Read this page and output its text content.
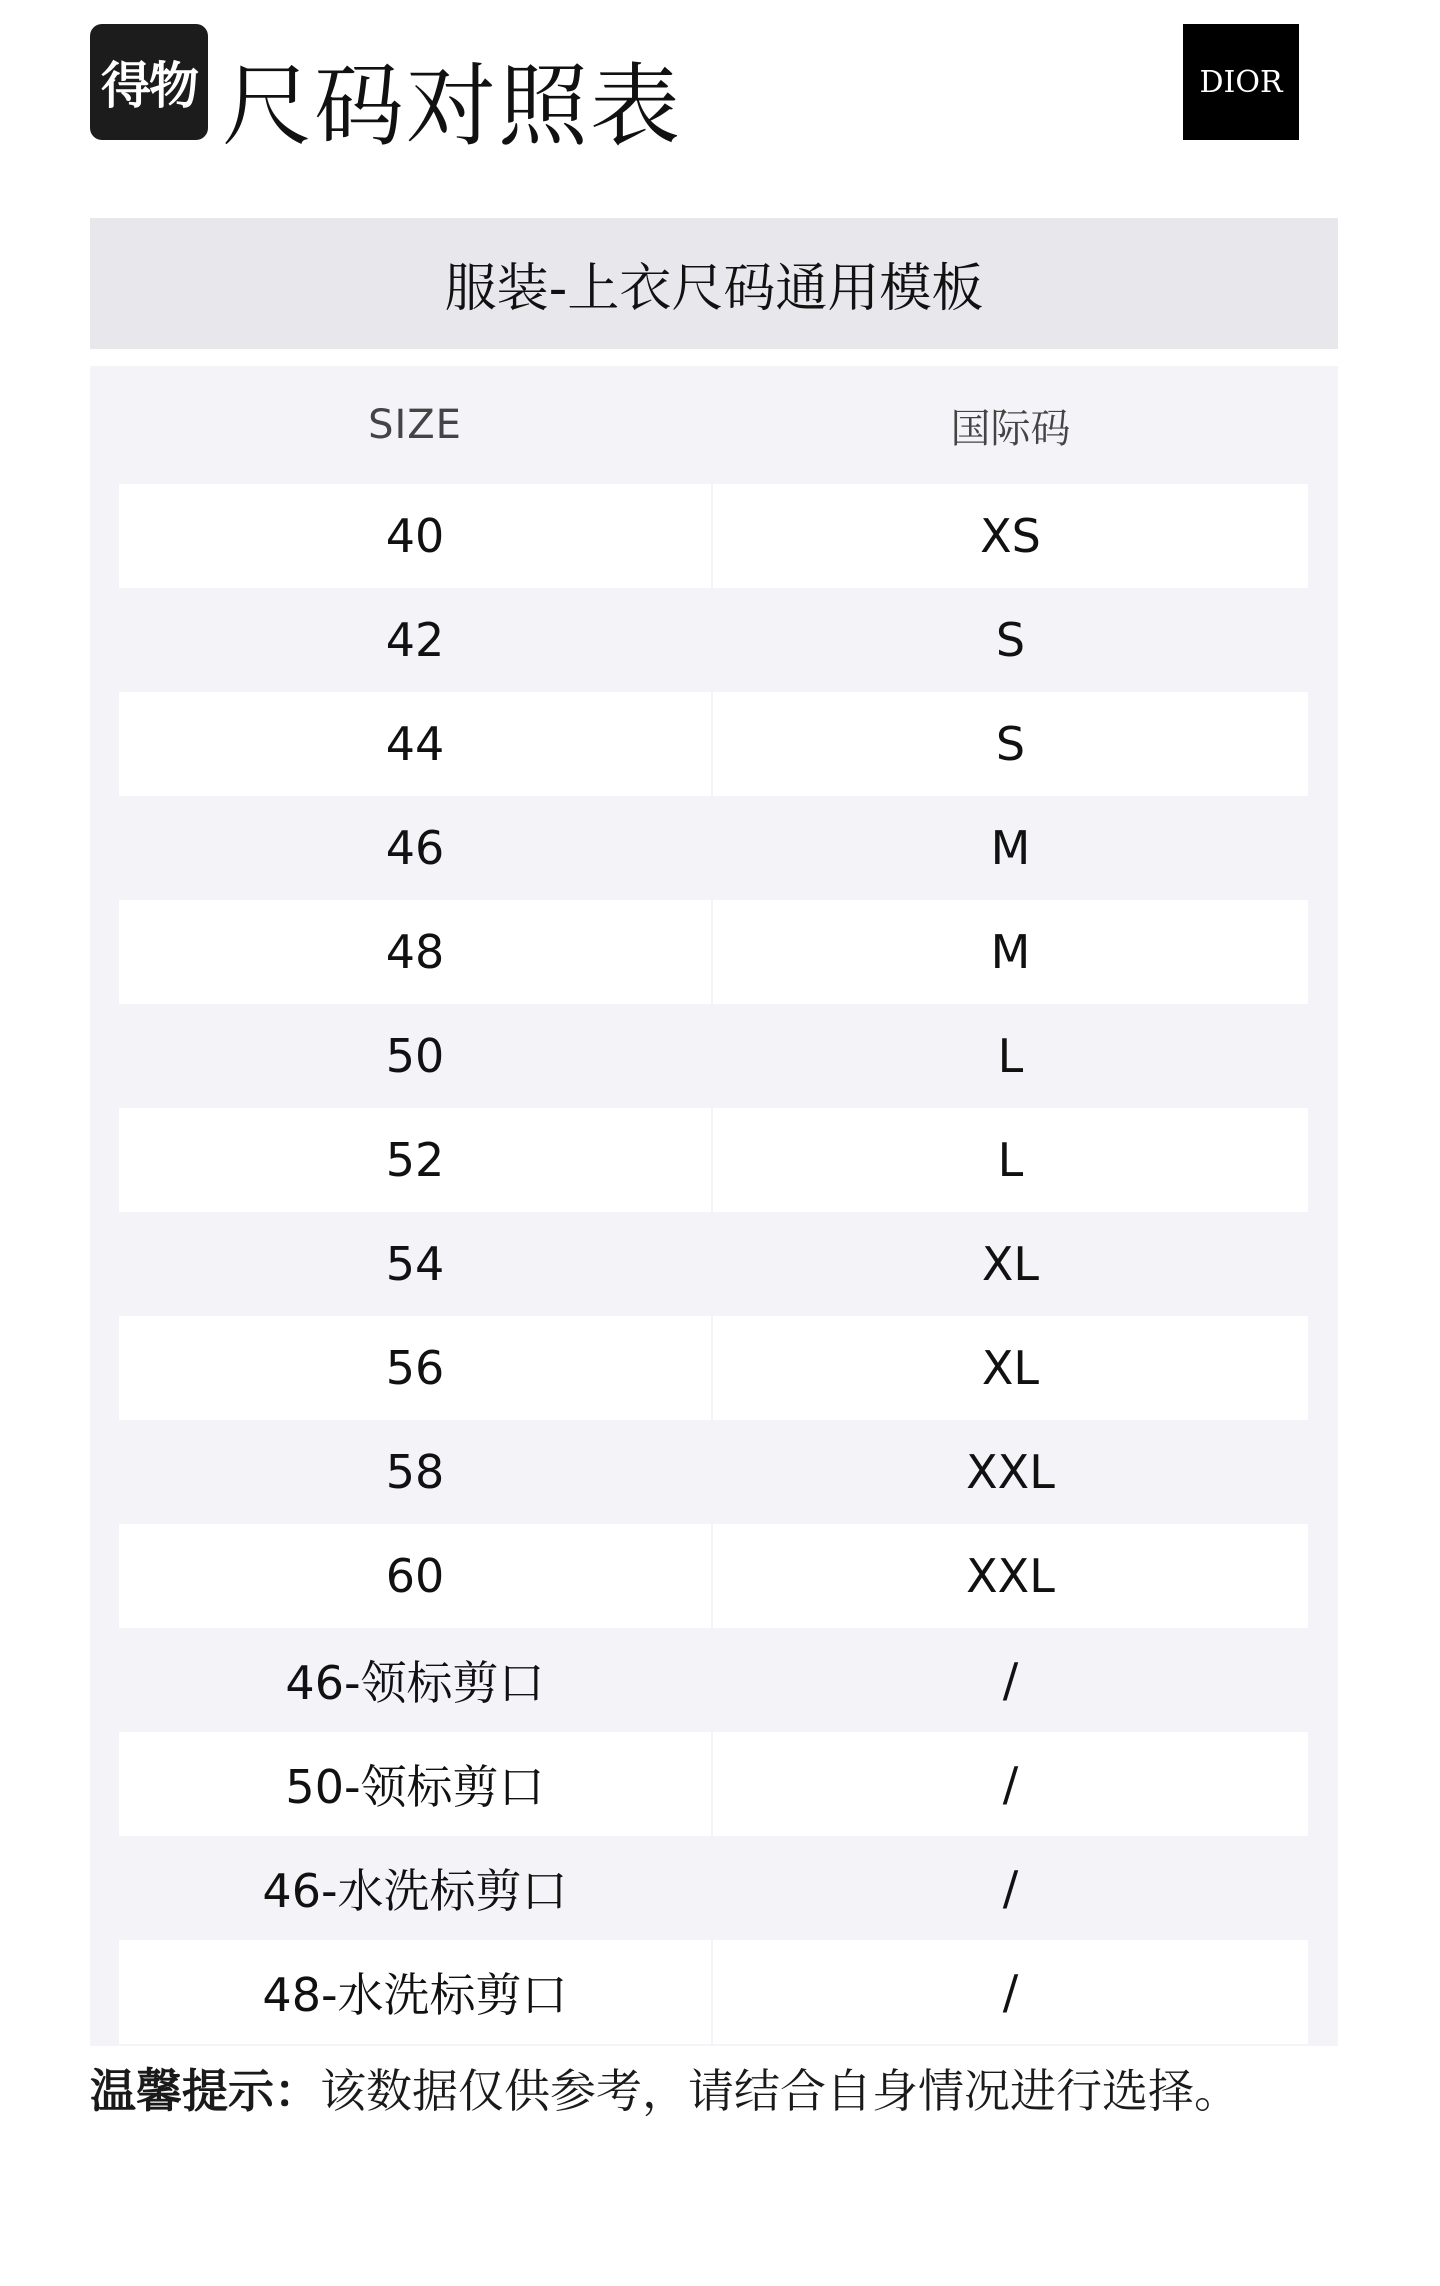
得物 尺码对照表	DIOR
服装-上衣尺码通用模板
SIZE	国际码
40	XS
42	S
44	S
46	M
48	M
50	L
52	L
54	XL
56	XL
58	XXL
60	XXL
46-领标剪口	/
50-领标剪口	/
46-水洗标剪口	/
48-水洗标剪口	/
温馨提示：该数据仅供参考，请结合自身情况进行选择。
